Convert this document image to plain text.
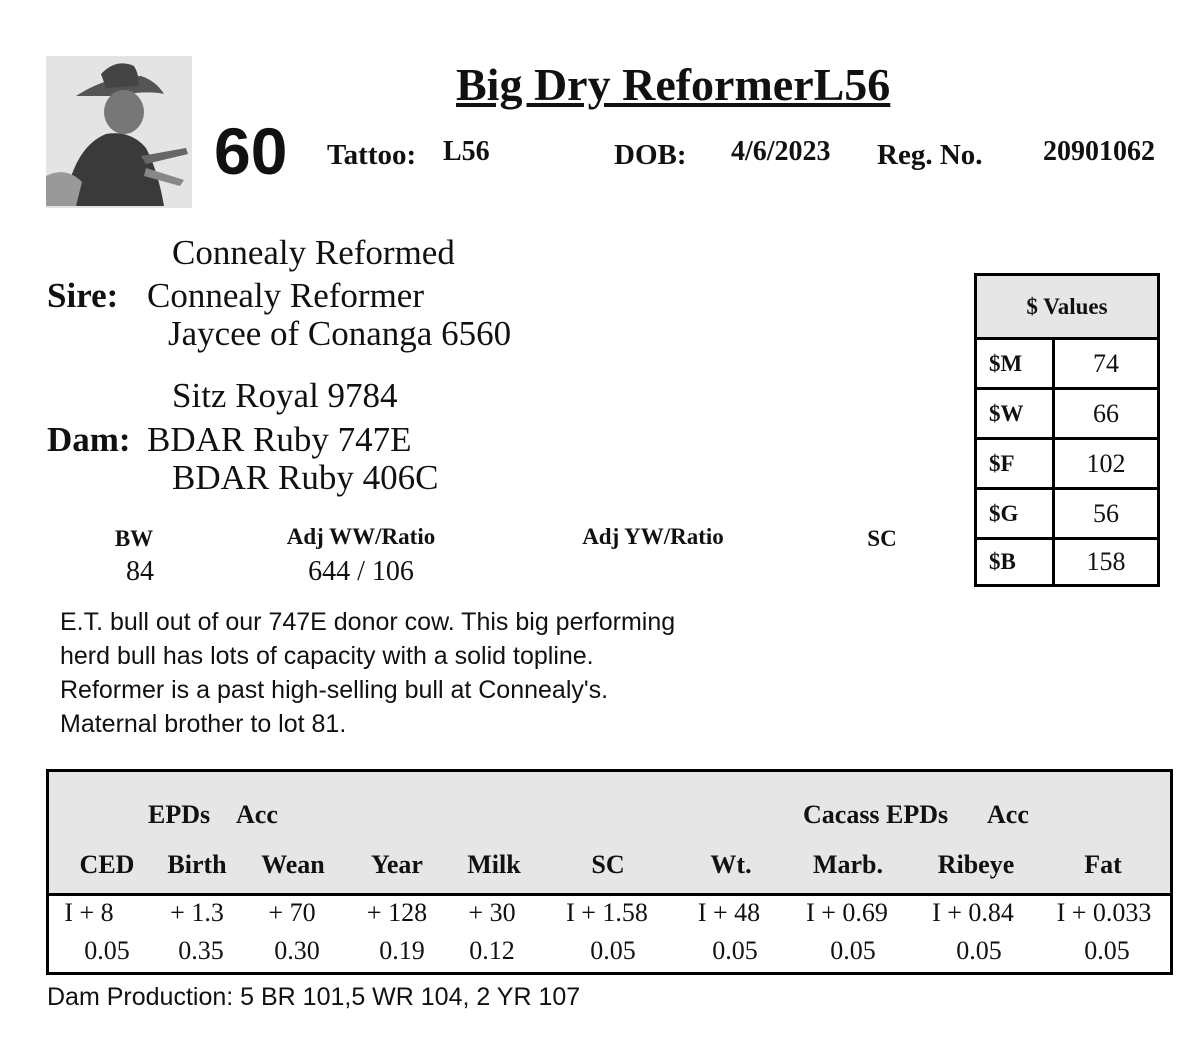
Big Dry ReformerL56
60 Tattoo: L56	DOB: 4/6/2023 Reg. No. 20901062
Connealy Reformed
Sire: Connealy Reformer
Jaycee of Conanga 6560
Sitz Royal 9784
Dam: BDAR Ruby 747E
BDAR Ruby 406C
BW	Adj WW/Ratio	Adj YW/Ratio	SC
84	644 / 106
E.T. bull out of our 747E donor cow. This big performing
herd bull has lots of capacity with a solid topline.
Reformer is a past high-selling bull at Connealy's.
Maternal brother to lot 81.
$ Values
$M	74
$W	66
$F	102
$G	56
$B	158
EPDs Acc	Cacass EPDs Acc
CED	Birth	Wean	Year	Milk	SC	Wt.	Marb.	Ribeye	Fat
I + 8	+ 1.3	+ 70	+ 128	+ 30	I + 1.58	I + 48	I + 0.69	I + 0.84	I + 0.033
0.05	0.35	0.30	0.19	0.12	0.05	0.05	0.05	0.05	0.05
Dam Production: 5 BR 101,5 WR 104, 2 YR 107
